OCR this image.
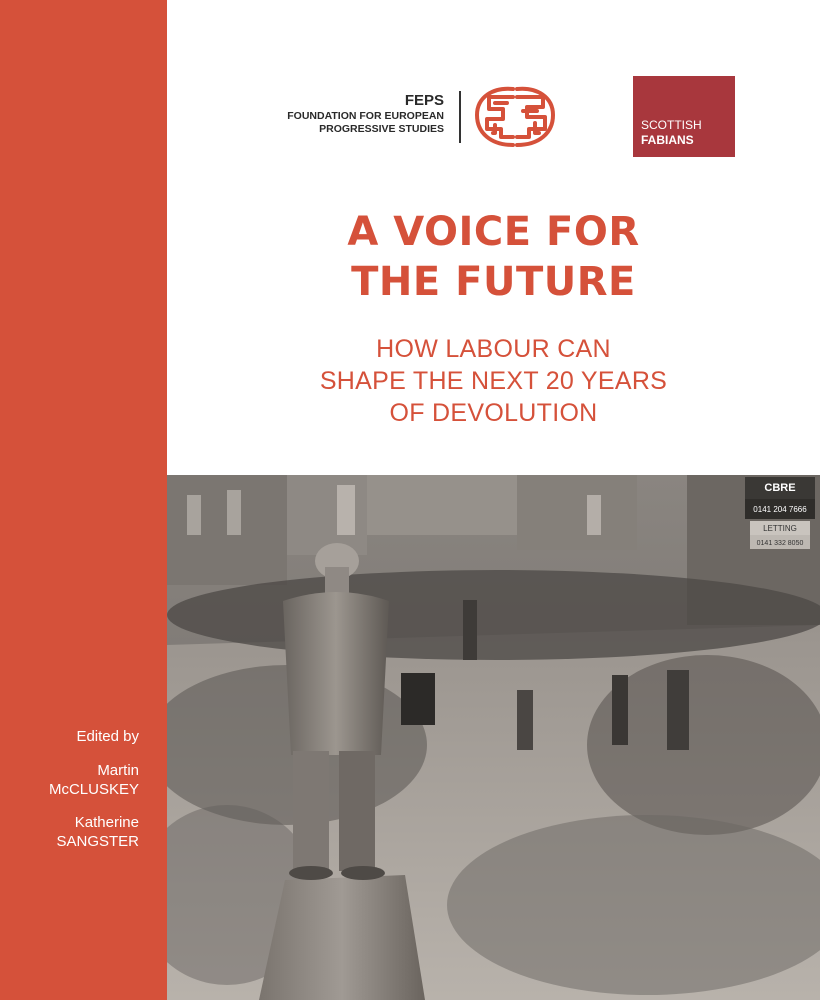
Edited by
Martin
McCLUSKEY
Katherine
SANGSTER
FEPS
FOUNDATION FOR EUROPEAN
PROGRESSIVE STUDIES	SCOTTISH
FABIANS
A VOICE FOR
THE FUTURE
HOW LABOUR CAN
SHAPE THE NEXT 20 YEARS
OF DEVOLUTION
CBRE
0141 204 7666
LETTING
0141 332 8050
